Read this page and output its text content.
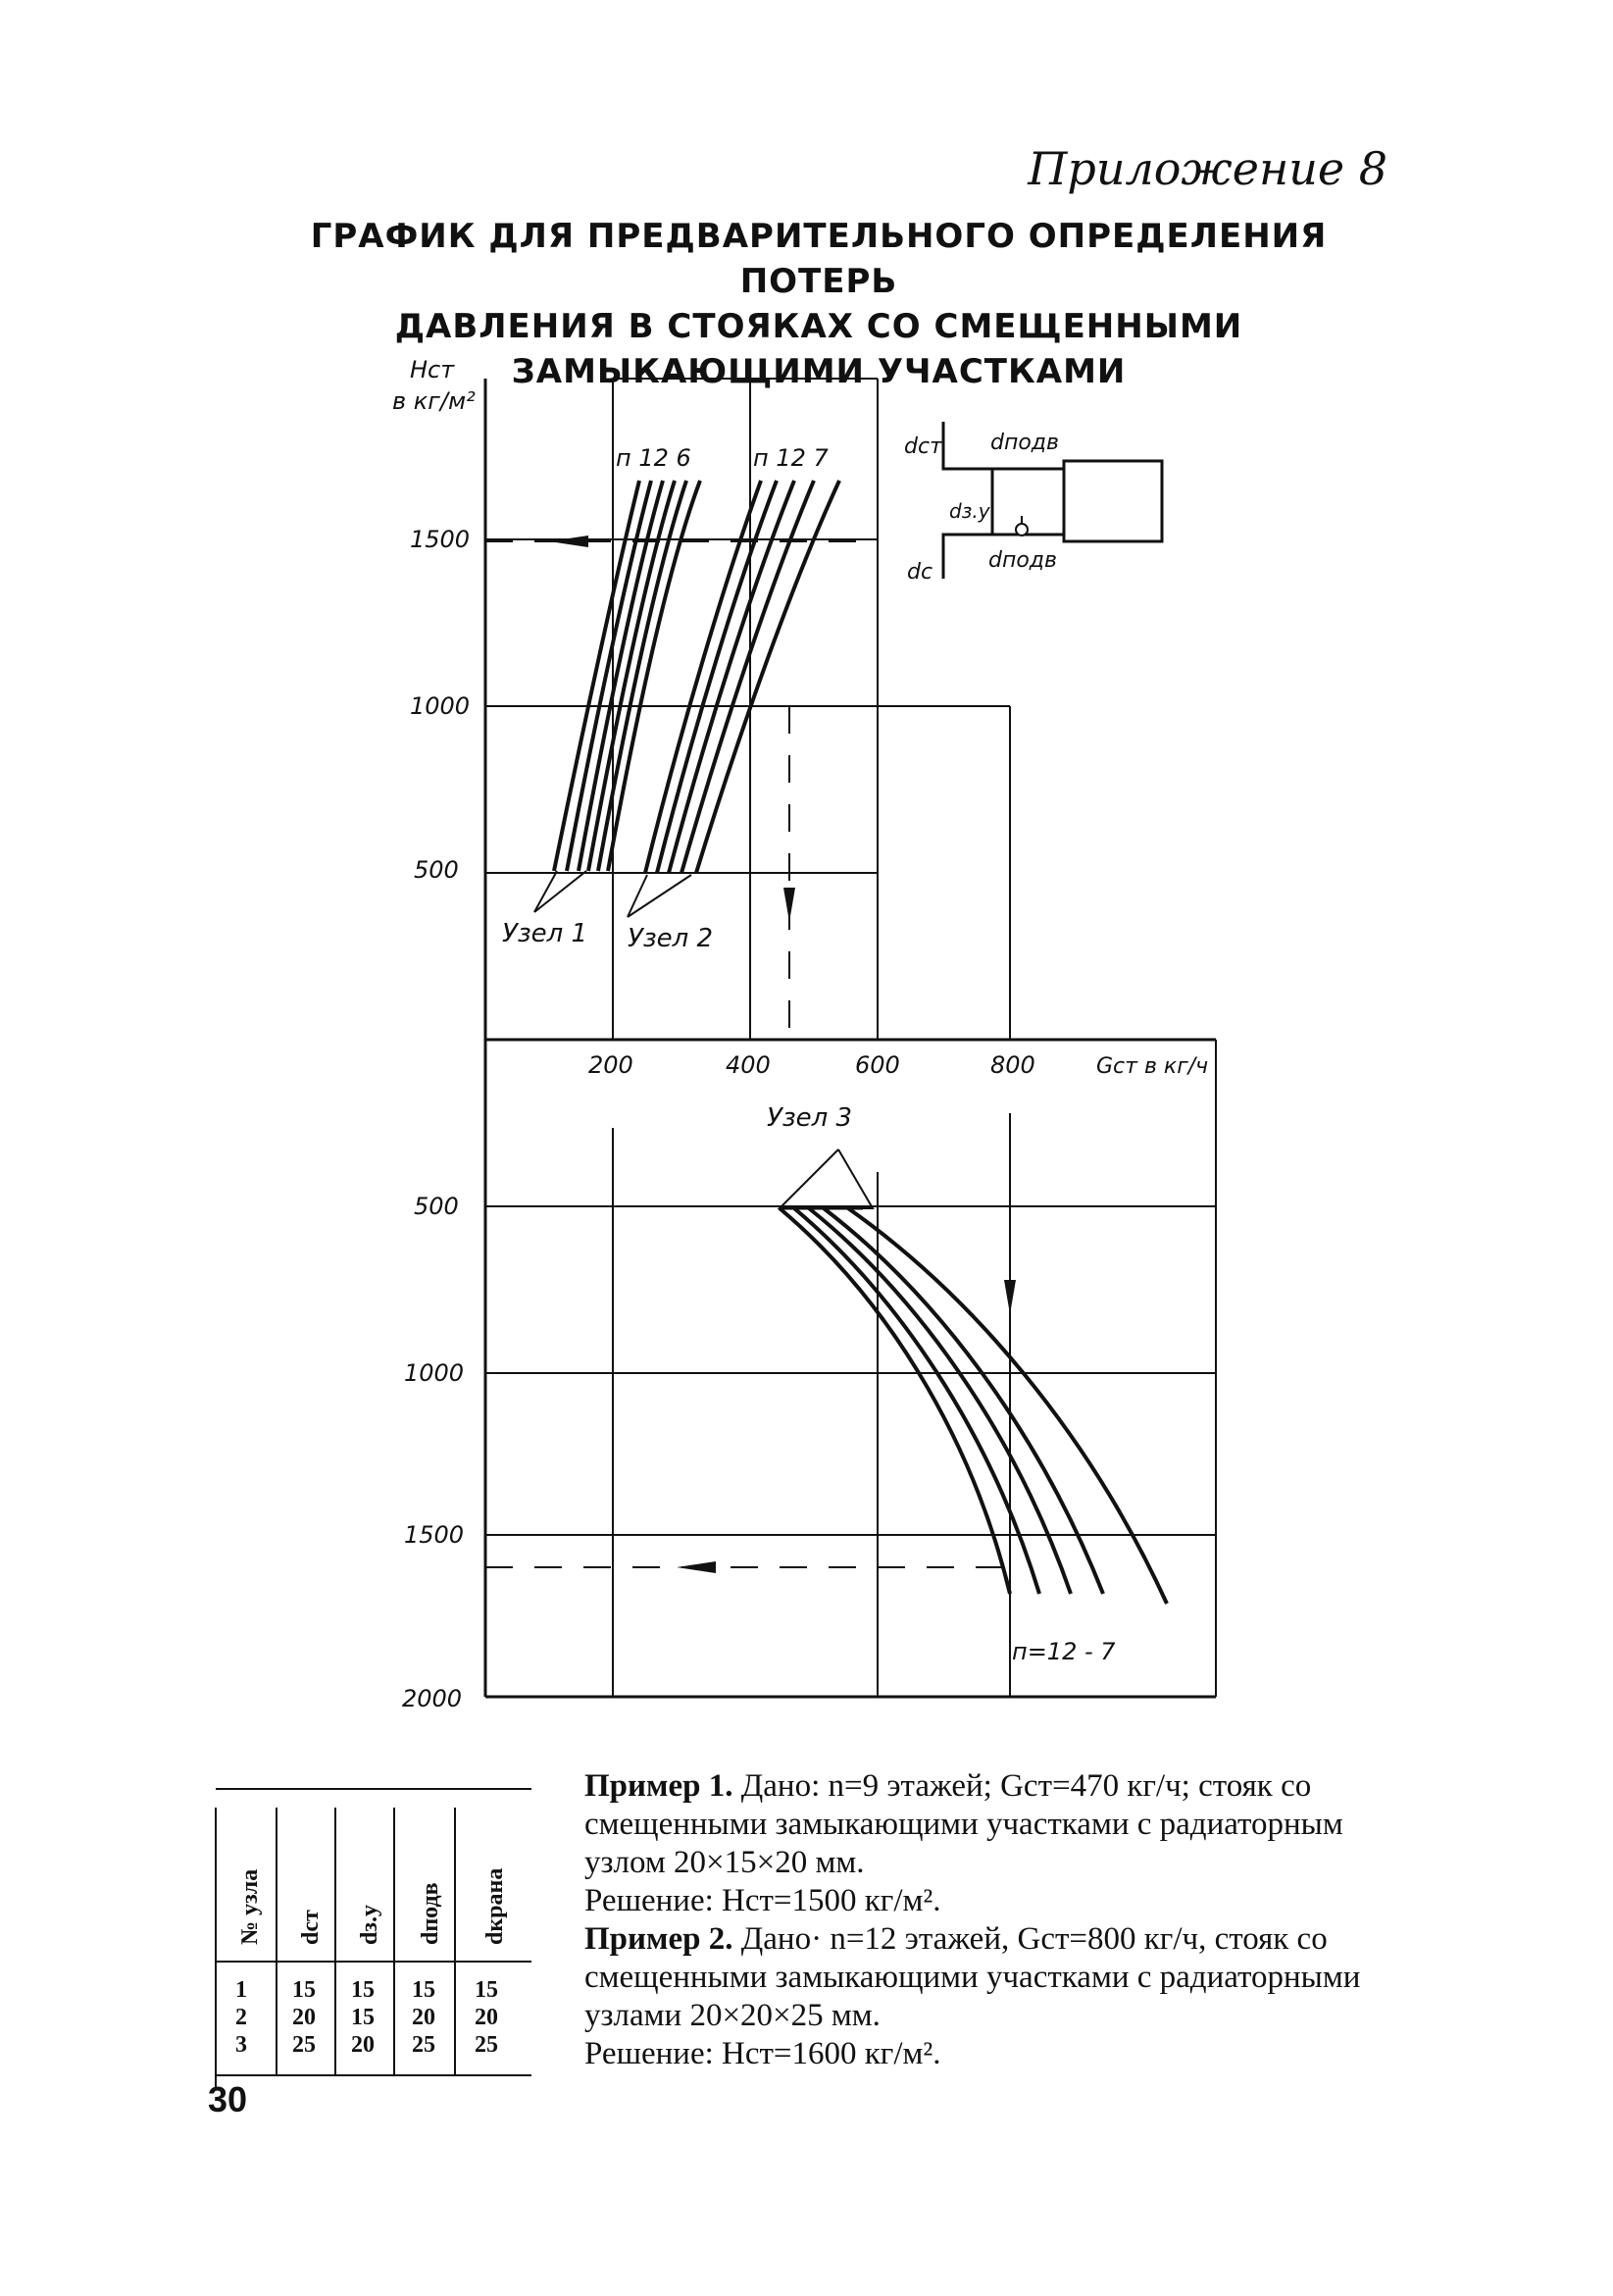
Приложение 8
ГРАФИК ДЛЯ ПРЕДВАРИТЕЛЬНОГО ОПРЕДЕЛЕНИЯ ПОТЕРЬ
ДАВЛЕНИЯ В СТОЯКАХ СО СМЕЩЕННЫМИ
ЗАМЫКАЮЩИМИ УЧАСТКАМИ
Нст
в кг/м²
1500
1000
500
500
1000
1500
2000
200	400	600	800	Gст в кг/ч
п 12 6	п 12 7
п=12 - 7
Узел 1 Узел 2
Узел 3
dст dподв
dз.у
dподв
dс
№ узла dст dз.у dподв dкрана
1 15 15 15 15
2 20 15 20 20
3 25 20 25 25

Пример 1. Дано: n=9 этажей; Gст=470 кг/ч; стояк со смещенными замыкающими участками с радиаторным узлом 20×15×20 мм.

Решение: Нст=1500 кг/м².

Пример 2. Дано· n=12 этажей, Gст=800 кг/ч, стояк со смещенными замыкающими участками с радиаторными узлами 20×20×25 мм.

Решение: Нст=1600 кг/м².

30
